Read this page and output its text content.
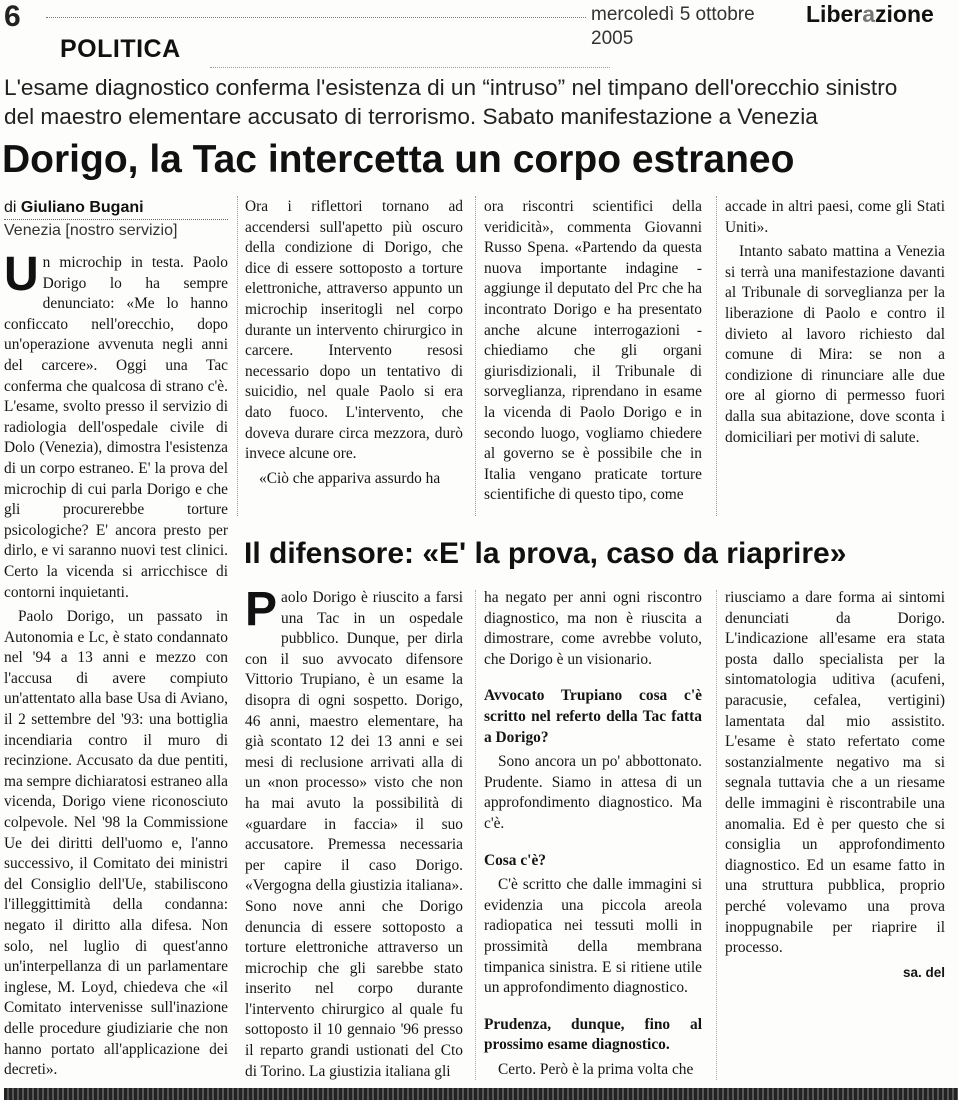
6	mercoledì 5 ottobre 2005
Liberazione
POLITICA
L'esame diagnostico conferma l'esistenza di un “intruso” nel timpano dell'orecchio sinistro
del maestro elementare accusato di terrorismo. Sabato manifestazione a Venezia
Dorigo, la Tac intercetta un corpo estraneo
di Giuliano Bugani
Venezia [nostro servizio]

Un microchip in testa. Paolo Dorigo lo ha sempre denunciato: «Me lo hanno conficcato nell'orecchio, dopo un'operazione avvenuta negli anni del carcere». Oggi una Tac conferma che qualcosa di strano c'è. L'esame, svolto presso il servizio di radiologia dell'ospedale civile di Dolo (Venezia), dimostra l'esistenza di un corpo estraneo. E' la prova del microchip di cui parla Dorigo e che gli procurerebbe torture psicologiche? E' ancora presto per dirlo, e vi saranno nuovi test clinici. Certo la vicenda si arricchisce di contorni inquietanti.

Paolo Dorigo, un passato in Autonomia e Lc, è stato condannato nel '94 a 13 anni e mezzo con l'accusa di avere compiuto un'attentato alla base Usa di Aviano, il 2 settembre del '93: una bottiglia incendiaria contro il muro di recinzione. Accusato da due pentiti, ma sempre dichiaratosi estraneo alla vicenda, Dorigo viene riconosciuto colpevole. Nel '98 la Commissione Ue dei diritti dell'uomo e, l'anno successivo, il Comitato dei ministri del Consiglio dell'Ue, stabiliscono l'illeggittimità della condanna: negato il diritto alla difesa. Non solo, nel luglio di quest'anno un'interpellanza di un parlamentare inglese, M. Loyd, chiedeva che «il Comitato intervenisse sull'inazione delle procedure giudiziarie che non hanno portato all'applicazione dei decreti».

Ora i riflettori tornano ad accendersi sull'apetto più oscuro della condizione di Dorigo, che dice di essere sottoposto a torture elettroniche, attraverso appunto un microchip inseritogli nel corpo durante un intervento chirurgico in carcere. Intervento resosi necessario dopo un tentativo di suicidio, nel quale Paolo si era dato fuoco. L'intervento, che doveva durare circa mezzora, durò invece alcune ore.

«Ciò che appariva assurdo ha

ora riscontri scientifici della veridicità», commenta Giovanni Russo Spena. «Partendo da questa nuova importante indagine - aggiunge il deputato del Prc che ha incontrato Dorigo e ha presentato anche alcune interrogazioni - chiediamo che gli organi giurisdizionali, il Tribunale di sorveglianza, riprendano in esame la vicenda di Paolo Dorigo e in secondo luogo, vogliamo chiedere al governo se è possibile che in Italia vengano praticate torture scientifiche di questo tipo, come

accade in altri paesi, come gli Stati Uniti».

Intanto sabato mattina a Venezia si terrà una manifestazione davanti al Tribunale di sorveglianza per la liberazione di Paolo e contro il divieto al lavoro richiesto dal comune di Mira: se non a condizione di rinunciare alle due ore al giorno di permesso fuori dalla sua abitazione, dove sconta i domiciliari per motivi di salute.

Il difensore: «E' la prova, caso da riaprire»

Paolo Dorigo è riuscito a farsi una Tac in un ospedale pubblico. Dunque, per dirla con il suo avvocato difensore Vittorio Trupiano, è un esame la disopra di ogni sospetto. Dorigo, 46 anni, maestro elementare, ha già scontato 12 dei 13 anni e sei mesi di reclusione arrivati alla di un «non processo» visto che non ha mai avuto la possibilità di «guardare in faccia» il suo accusatore. Premessa necessaria per capire il caso Dorigo. «Vergogna della giustizia italiana». Sono nove anni che Dorigo denuncia di essere sottoposto a torture elettroniche attraverso un microchip che gli sarebbe stato inserito nel corpo durante l'intervento chirurgico al quale fu sottoposto il 10 gennaio '96 presso il reparto grandi ustionati del Cto di Torino. La giustizia italiana gli

ha negato per anni ogni riscontro diagnostico, ma non è riuscita a dimostrare, come avrebbe voluto, che Dorigo è un visionario.

Avvocato Trupiano cosa c'è scritto nel referto della Tac fatta a Dorigo?

Sono ancora un po' abbottonato. Prudente. Siamo in attesa di un approfondimento diagnostico. Ma c'è.

Cosa c'è?

C'è scritto che dalle immagini si evidenzia una piccola areola radiopatica nei tessuti molli in prossimità della membrana timpanica sinistra. E si ritiene utile un approfondimento diagnostico.

Prudenza, dunque, fino al prossimo esame diagnostico.

Certo. Però è la prima volta che

riusciamo a dare forma ai sintomi denunciati da Dorigo. L'indicazione all'esame era stata posta dallo specialista per la sintomatologia uditiva (acufeni, paracusie, cefalea, vertigini) lamentata dal mio assistito. L'esame è stato refertato come sostanzialmente negativo ma si segnala tuttavia che a un riesame delle immagini è riscontrabile una anomalia. Ed è per questo che si consiglia un approfondimento diagnostico. Ed un esame fatto in una struttura pubblica, proprio perché volevamo una prova inoppugnabile per riaprire il processo.

sa. del
